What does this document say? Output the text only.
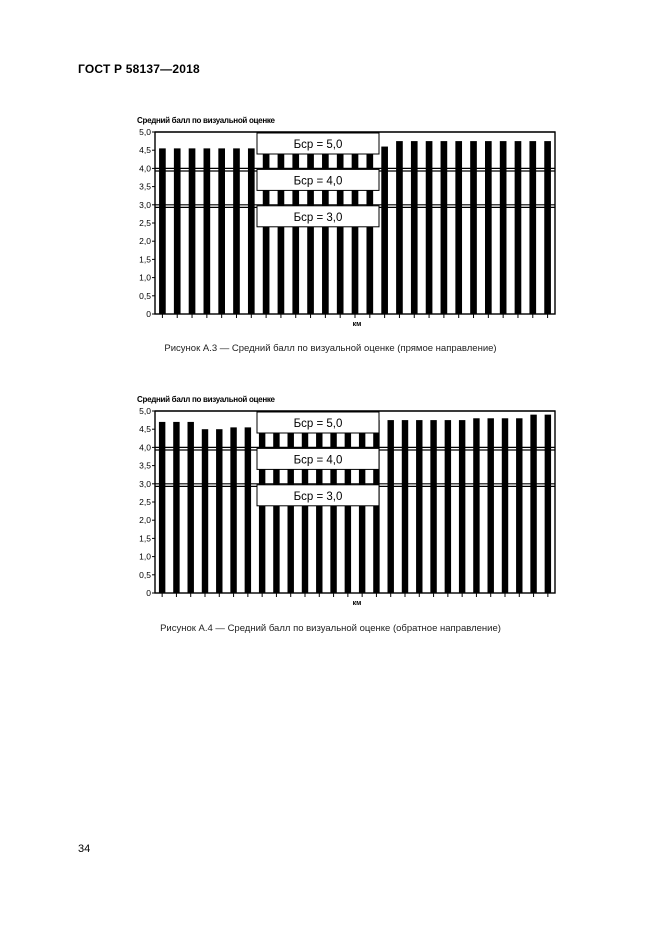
ГОСТ Р 58137—2018
Средний балл по визуальной оценке
0
0,5
1,0
1,5
2,0
2,5
3,0
3,5
4,0
4,5
5,0
Бср = 5,0
Бср = 4,0
Бср = 3,0
км
Рисунок А.3 — Средний балл по визуальной оценке (прямое направление)
Средний балл по визуальной оценке
0
0,5
1,0
1,5
2,0
2,5
3,0
3,5
4,0
4,5
5,0
Бср = 5,0
Бср = 4,0
Бср = 3,0
км
Рисунок А.4 — Средний балл по визуальной оценке (обратное направление)
34
